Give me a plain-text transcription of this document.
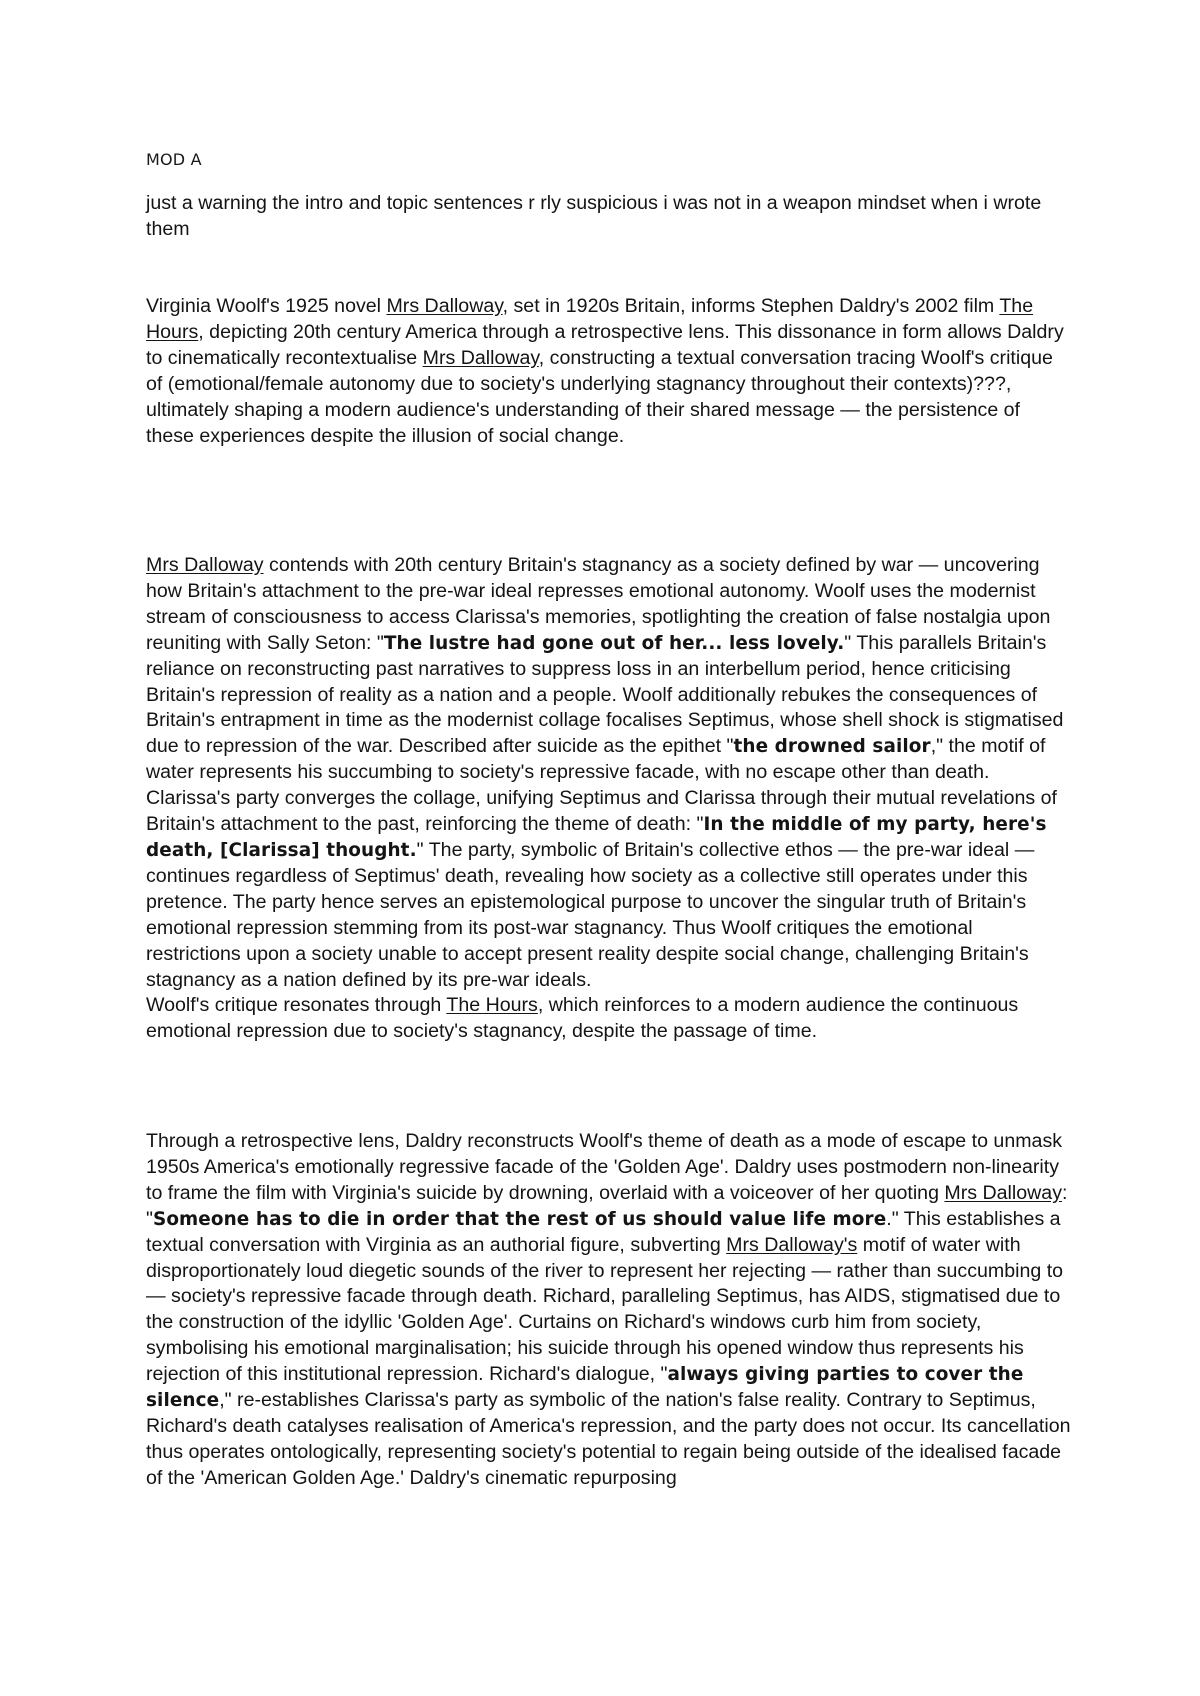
MOD A

just a warning the intro and topic sentences r rly suspicious i was not in a weapon mindset when i wrote them

Virginia Woolf's 1925 novel Mrs Dalloway, set in 1920s Britain, informs Stephen Daldry's 2002 film The Hours, depicting 20th century America through a retrospective lens. This dissonance in form allows Daldry to cinematically recontextualise Mrs Dalloway, constructing a textual conversation tracing Woolf's critique of (emotional/female autonomy due to society's underlying stagnancy throughout their contexts)???, ultimately shaping a modern audience's understanding of their shared message — the persistence of these experiences despite the illusion of social change.

Mrs Dalloway contends with 20th century Britain's stagnancy as a society defined by war — uncovering how Britain's attachment to the pre-war ideal represses emotional autonomy. Woolf uses the modernist stream of consciousness to access Clarissa's memories, spotlighting the creation of false nostalgia upon reuniting with Sally Seton: "The lustre had gone out of her... less lovely." This parallels Britain's reliance on reconstructing past narratives to suppress loss in an interbellum period, hence criticising Britain's repression of reality as a nation and a people. Woolf additionally rebukes the consequences of Britain's entrapment in time as the modernist collage focalises Septimus, whose shell shock is stigmatised due to repression of the war. Described after suicide as the epithet "the drowned sailor," the motif of water represents his succumbing to society's repressive facade, with no escape other than death. Clarissa's party converges the collage, unifying Septimus and Clarissa through their mutual revelations of Britain's attachment to the past, reinforcing the theme of death: "In the middle of my party, here's death, [Clarissa] thought." The party, symbolic of Britain's collective ethos — the pre-war ideal — continues regardless of Septimus' death, revealing how society as a collective still operates under this pretence. The party hence serves an epistemological purpose to uncover the singular truth of Britain's emotional repression stemming from its post-war stagnancy. Thus Woolf critiques the emotional restrictions upon a society unable to accept present reality despite social change, challenging Britain's stagnancy as a nation defined by its pre-war ideals.

Woolf's critique resonates through The Hours, which reinforces to a modern audience the continuous emotional repression due to society's stagnancy, despite the passage of time.

Through a retrospective lens, Daldry reconstructs Woolf's theme of death as a mode of escape to unmask 1950s America's emotionally regressive facade of the 'Golden Age'. Daldry uses postmodern non-linearity to frame the film with Virginia's suicide by drowning, overlaid with a voiceover of her quoting Mrs Dalloway: "Someone has to die in order that the rest of us should value life more." This establishes a textual conversation with Virginia as an authorial figure, subverting Mrs Dalloway's motif of water with disproportionately loud diegetic sounds of the river to represent her rejecting — rather than succumbing to — society's repressive facade through death. Richard, paralleling Septimus, has AIDS, stigmatised due to the construction of the idyllic 'Golden Age'. Curtains on Richard's windows curb him from society, symbolising his emotional marginalisation; his suicide through his opened window thus represents his rejection of this institutional repression. Richard's dialogue, "always giving parties to cover the silence," re-establishes Clarissa's party as symbolic of the nation's false reality. Contrary to Septimus, Richard's death catalyses realisation of America's repression, and the party does not occur. Its cancellation thus operates ontologically, representing society's potential to regain being outside of the idealised facade of the 'American Golden Age.' Daldry's cinematic repurposing
